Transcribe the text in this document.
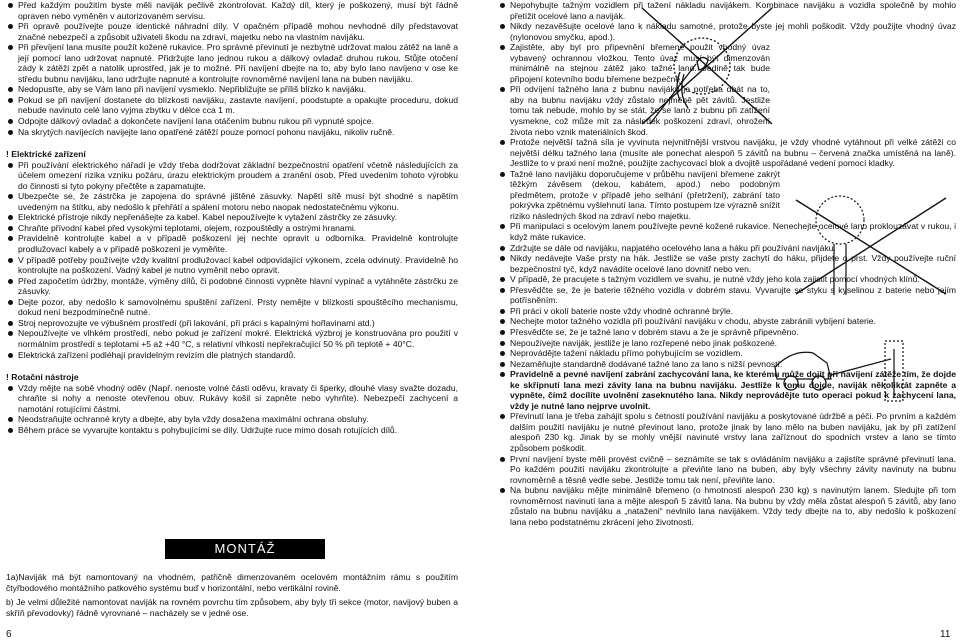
Před každým použitím byste měli naviják pečlivě zkontrolovat. Každý díl, který je poškozený, musí být řádně opraven nebo vyměněn v autorizovaném servisu.

Při opravě používejte pouze identické náhradní díly. V opačném případě mohou nevhodné díly představovat značné nebezpečí a způsobit uživateli škodu na zdraví, majetku nebo na vlastním navijáku.

Při převíjení lana musíte použít kožené rukavice. Pro správné převinutí je nezbytné udržovat malou zátěž na laně a její pomocí lano udržovat napnuté. Přidržujte lano jednou rukou a dálkový ovladač druhou rukou. Stůjte otočení zády k zátěži zpět a natolik uprostřed, jak je to možné. Při navíjení dbejte na to, aby bylo lano navíjeno v ose ke středu bubnu navijáku, lano udržujte napnuté a kontrolujte rovnoměrné navíjení lana na buben navijáku.

Nedopusťte, aby se Vám lano při navíjení vysmeklo. Nepřibližujte se příliš blízko k navijáku.

Pokud se při navíjení dostanete do blízkosti navijáku, zastavte navíjení, poodstupte a opakujte proceduru, dokud nebude navinuto celé lano vyjma zbytku v délce cca 1 m.

Odpojte dálkový ovladač a dokončete navíjení lana otáčením bubnu rukou při vypnuté spojce.

Na skrytých navíjecích navijejte lano opatřené zátěží pouze pomocí pohonu navijáku, nikoliv ručně.

! Elektrické zařízení

Při používání elektrického nářadí je vždy třeba dodržovat základní bezpečnostní opatření včetně následujících za účelem omezení rizika vzniku požáru, úrazu elektrickým proudem a zranění osob. Před uvedením tohoto výrobku do činnosti si tyto pokyny přečtěte a zapamatujte.

Ubezpečte se, že zástrčka je zapojena do správné jištěné zásuvky. Napětí sítě musí být shodné s napětím uvedeným na štítku, aby nedošlo k přehřátí a spálení motoru nebo naopak nedostatečnému výkonu.

Elektrické přístroje nikdy nepřenášejte za kabel. Kabel nepoužívejte k vytažení zástrčky ze zásuvky.

Chraňte přívodní kabel před vysokými teplotami, olejem, rozpouštědly a ostrými hranami.

Pravidelně kontrolujte kabel a v případě poškození jej nechte opravit u odborníka. Pravidelně kontrolujte prodlužovací kabely a v případě poškození je vyměňte.

V případě potřeby používejte vždy kvalitní prodlužovací kabel odpovídající výkonem, zcela odvinutý. Pravidelně ho kontrolujte na poškození. Vadný kabel je nutno vyměnit nebo opravit.

Před započetím údržby, montáže, výměny dílů, či podobné činnosti vypněte hlavní vypínač a vytáhněte zástrčku ze zásuvky.

Dejte pozor, aby nedošlo k samovolnému spuštění zařízení. Prsty nemějte v blízkosti spouštěcího mechanismu, dokud není bezpodmínečně nutné.

Stroj neprovozujte ve výbušném prostředí (při lakování, při práci s kapalnými hořlavinami atd.)

Nepoužívejte ve vlhkém prostředí, nebo pokud je zařízení mokré. Elektrická výzbroj je konstruována pro použití v normálním prostředí s teplotami +5 až +40 °C, s relativní vlhkostí nepřekračující 50 % při teplotě + 40°C.

Elektrická zařízení podléhají pravidelným revizím dle platných standardů.

! Rotační nástroje

Vždy mějte na sobě vhodný oděv (Např. nenoste volné části oděvu, kravaty či šperky, dlouhé vlasy svažte dozadu, chraňte si nohy a nenoste otevřenou obuv. Rukávy košil si zapněte nebo vyhrňte). Nebezpečí zachycení a namotání rotujícími částmi.

Neodstraňujte ochranné kryty a dbejte, aby byla vždy dosažena maximální ochrana obsluhy.

Během práce se vyvarujte kontaktu s pohybujícími se díly. Udržujte ruce mimo dosah rotujících dílů.

MONTÁŽ

1a)Naviják má být namontovaný na vhodném, patřičně dimenzovaném ocelovém montážním rámu s použitím čtyřbodového montážního patkového systému buď v horizontální, nebo vertikální rovině.

b) Je velmi důležité namontovat naviják na rovném povrchu tím způsobem, aby byly tři sekce (motor, navijový buben a skříň převodovky) řádně vyrovnané – nacházely se v jedné ose.

6

Nepohybujte tažným vozidlem při tažení nákladu navijákem. Kombinace navijáku a vozidla společně by mohlo přetížit ocelové lano a naviják.

Nikdy nezavěšujte ocelové lano k nákladu samotné, protože byste jej mohli poškodit. Vždy použijte vhodný úvaz (nylonovou smyčku, apod.).

Zajistěte, aby byl pro připevnění břemene použit vhodný úvaz vybavený ochrannou vložkou. Tento úvaz musí být dimenzován minimálně na stejnou zátěž jako tažné lano. Jedině tak bude připojení kotevního bodu břemene bezpečné.

Při odvíjení tažného lana z bubnu navijáku je potřeba dbát na to, aby na bubnu navijáku vždy zůstalo nejméně pět závitů. Jestliže tomu tak nebude, mohlo by se stát, že se lano z bubnu při zatížení vysmekne, což může mít za následek poškození zdraví, ohrožení života nebo vznik materiálních škod.

Protože největší tažná síla je vyvinuta nejvnitřnější vrstvou navijáku, je vždy vhodné vytáhnout při velké zátěži co největší délku tažného lana (musíte ale ponechat alespoň 5 závitů na bubnu – červená značka umístěná na laně). Jestliže to v praxi není možné, použijte zachycovací blok a dvojitě uspořádané vedení pomocí kladky.

Tažné lano navijáku doporučujeme v průběhu navíjení břemene zakrýt těžkým závěsem (dekou, kabátem, apod.) nebo podobným předmětem, protože v případě jeho selhání (přetržení), zabrání tato pokrývka zpětnému vyšlehnutí lana. Tímto postupem lze výrazně snížit riziko následných škod na zdraví nebo majetku.

Při manipulaci s ocelovým lanem používejte pevné kožené rukavice. Nenechejte ocelové lano proklouzávat v rukou, i když máte rukavice.

Zdržujte se dále od navijáku, napjatého ocelového lana a háku při používání navijáku.

Nikdy nedávejte Vaše prsty na hák. Jestliže se vaše prsty zachytí do háku, přijdete o prst. Vždy používejte ruční bezpečnostní tyč, když navádíte ocelové lano dovnitř nebo ven.

V případě, že pracujete s tažným vozidlem ve svahu, je nutné vždy jeho kola zajistit pomocí vhodných klínů.

Přesvědčte se, že je baterie těžného vozidla v dobrém stavu. Vyvarujte se styku s kyselinou z baterie nebo jejím potřísněním.

Při práci v okolí baterie noste vždy vhodné ochranné brýle.

Nechejte motor tažného vozidla při používání navijáku v chodu, abyste zabránili vybíjení baterie.

Přesvědčte se, že je tažné lano v dobrém stavu a že je správně připevněno.

Nepoužívejte naviják, jestliže je lano rozřepené nebo jinak poškozené.

Neprovádějte tažení nákladu přímo pohybujícím se vozidlem.

Nezaměňujte standardně dodávané tažné lano za lano s nižší pevností.

Pravidelně a pevné navíjení zabrání zachycování lana, ke kterému může dojít při navíjení zátěže tím, že dojde ke skřípnutí lana mezi závity lana na bubnu navijáku. Jestliže k tomu dojde, naviják několikrát zapněte a vypněte, čímž docílíte uvolnění zaseknutého lana. Nikdy neprovádějte tuto operaci pokud k zachycení lana, vždy je nutné lano nejprve uvolnit.

Převinutí lana je třeba zahájit spolu s četnosti používání navijáku a poskytované údržbě a péči. Po prvním a každém dalším použití navijáku je nutné převinout lano, protože jinak by lano mělo na buben navijáku, jak by při zatížení alespoň 230 kg. Jinak by se mohly vnější navinuté vrstvy lana zaříznout do spodních vrstev a lano se tímto způsobem poškodit.

První navíjení byste měli provést cvičně – seznámíte se tak s ovládáním navijáku a zajistíte správné převinutí lana. Po každém použití navijáku zkontrolujte a převiňte lano na buben, aby byly všechny závity navinuty na bubnu rovnoměrně a těsně vedle sebe. Jestliže tomu tak není, převiňte lano.

Na bubnu navijáku mějte minimálně břemeno (o hmotnosti alespoň 230 kg) s navinutým lanem. Sledujte při tom rovnoměrnost navinutí lana a mějte alespoň 5 závitů lana. Na bubnu by vždy měla zůstat alespoň 5 závitů, aby lano zůstalo na bubnu navijáku a „nataženi“ nevlnilo lana navijákem. Vždy tedy dbejte na to, aby nedošlo k poškození lana nebo podstatnému zkrácení jeho životnosti.

11
